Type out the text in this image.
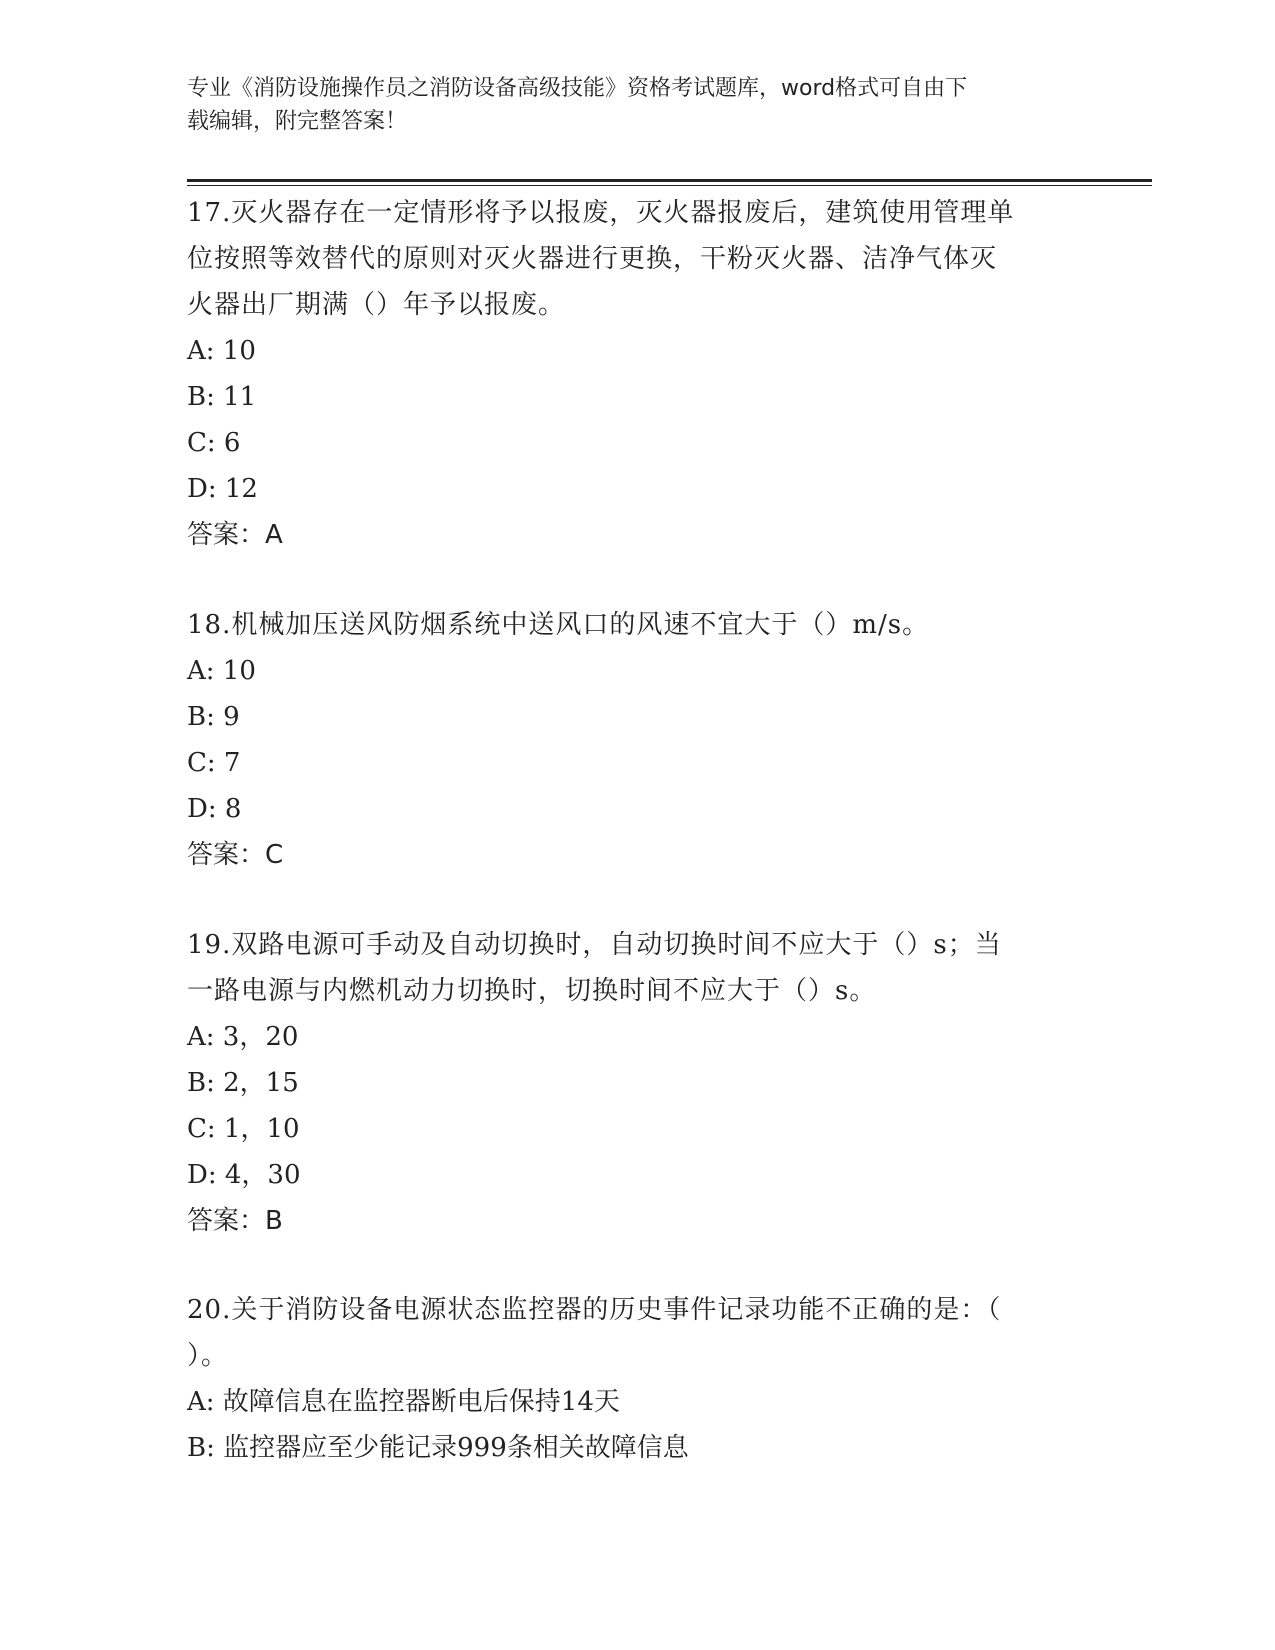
专业《消防设施操作员之消防设备高级技能》资格考试题库，word格式可自由下
载编辑，附完整答案！
17.灭火器存在一定情形将予以报废，灭火器报废后，建筑使用管理单
位按照等效替代的原则对灭火器进行更换，干粉灭火器、洁净气体灭
火器出厂期满（）年予以报废。
A: 10
B: 11
C: 6
D: 12
答案：A
18.机械加压送风防烟系统中送风口的风速不宜大于（）m/s。
A: 10
B: 9
C: 7
D: 8
答案：C
19.双路电源可手动及自动切换时，自动切换时间不应大于（）s；当
一路电源与内燃机动力切换时，切换时间不应大于（）s。
A: 3，20
B: 2，15
C: 1，10
D: 4，30
答案：B
20.关于消防设备电源状态监控器的历史事件记录功能不正确的是：（
）。
A: 故障信息在监控器断电后保持14天
B: 监控器应至少能记录999条相关故障信息
